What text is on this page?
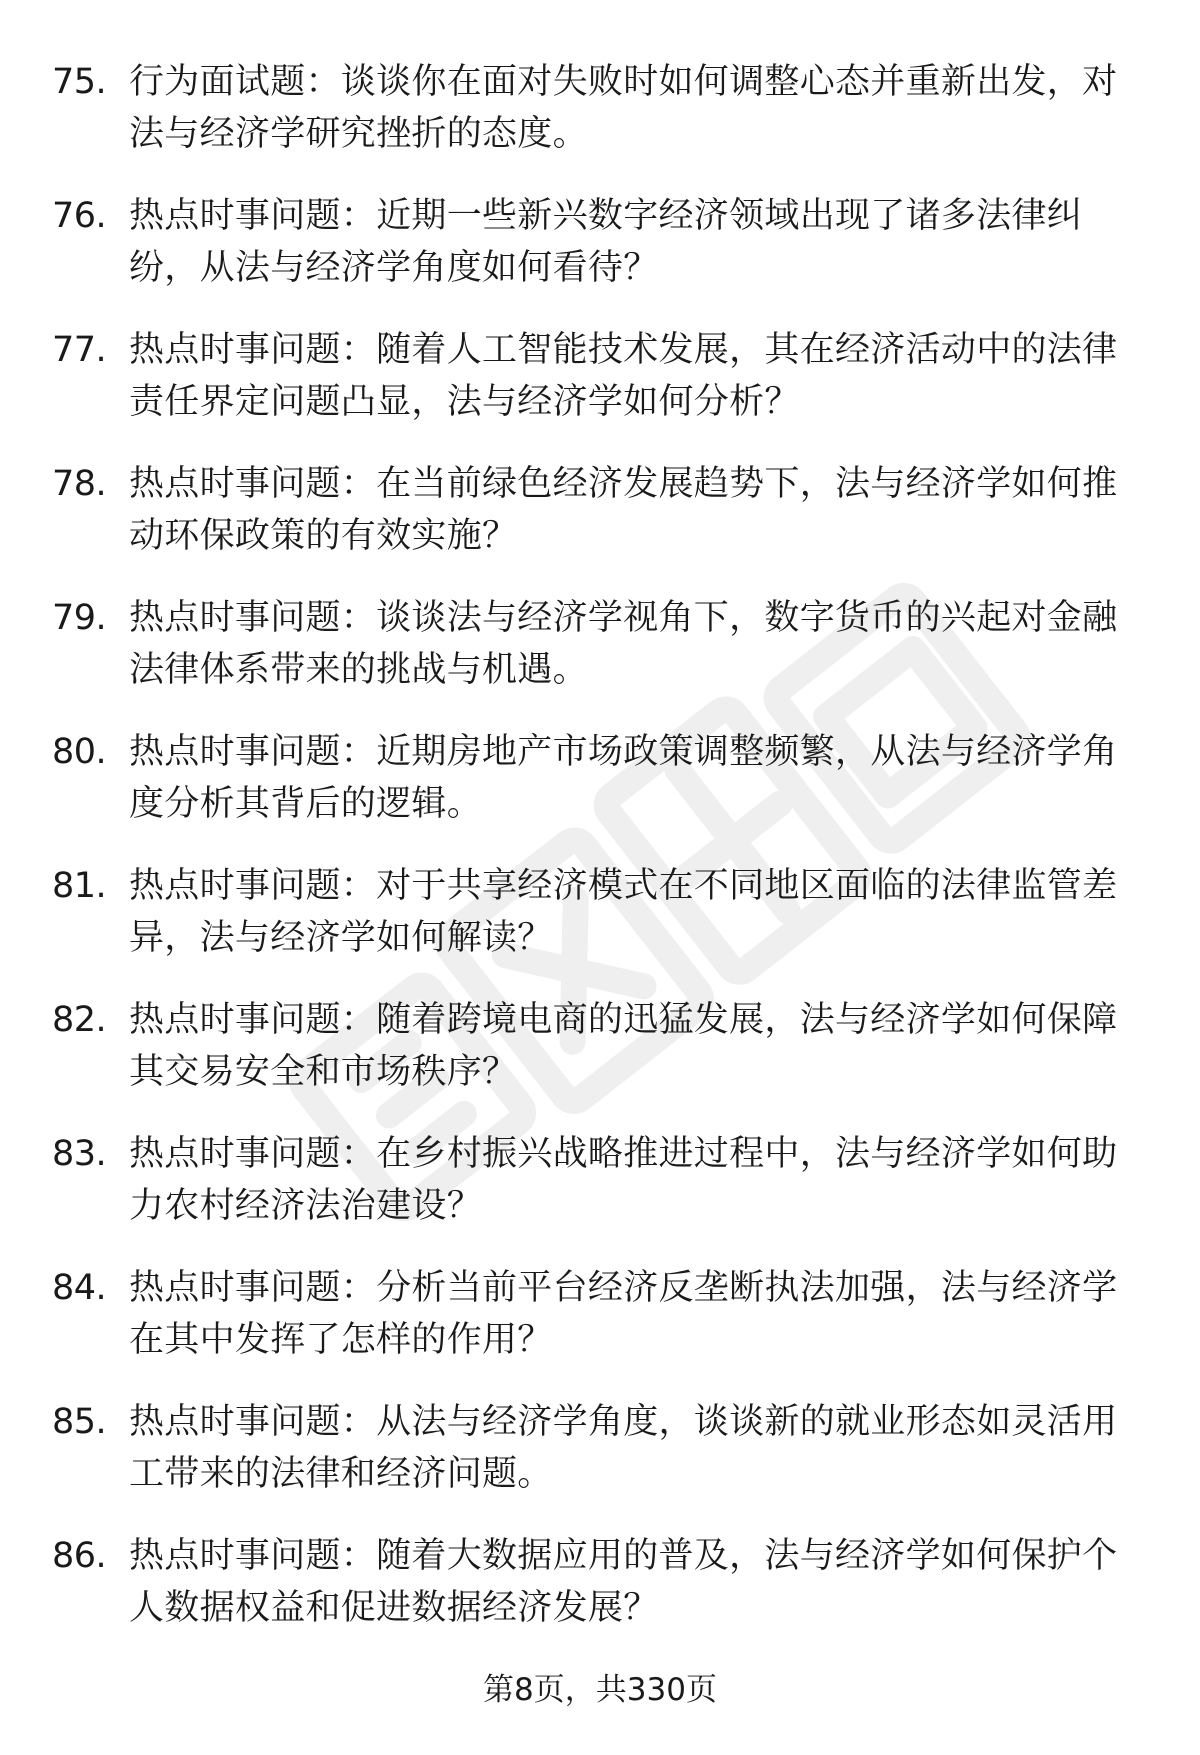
75. 行为面试题：谈谈你在面对失败时如何调整心态并重新出发，对
法与经济学研究挫折的态度。
76. 热点时事问题：近期一些新兴数字经济领域出现了诸多法律纠
纷，从法与经济学角度如何看待？
77. 热点时事问题：随着人工智能技术发展，其在经济活动中的法律
责任界定问题凸显，法与经济学如何分析？
78. 热点时事问题：在当前绿色经济发展趋势下，法与经济学如何推
动环保政策的有效实施？
79. 热点时事问题：谈谈法与经济学视角下，数字货币的兴起对金融
法律体系带来的挑战与机遇。
80. 热点时事问题：近期房地产市场政策调整频繁，从法与经济学角
度分析其背后的逻辑。
81. 热点时事问题：对于共享经济模式在不同地区面临的法律监管差
异，法与经济学如何解读？
82. 热点时事问题：随着跨境电商的迅猛发展，法与经济学如何保障
其交易安全和市场秩序？
83. 热点时事问题：在乡村振兴战略推进过程中，法与经济学如何助
力农村经济法治建设？
84. 热点时事问题：分析当前平台经济反垄断执法加强，法与经济学
在其中发挥了怎样的作用？
85. 热点时事问题：从法与经济学角度，谈谈新的就业形态如灵活用
工带来的法律和经济问题。
86. 热点时事问题：随着大数据应用的普及，法与经济学如何保护个
人数据权益和促进数据经济发展？
第8页，共330页
